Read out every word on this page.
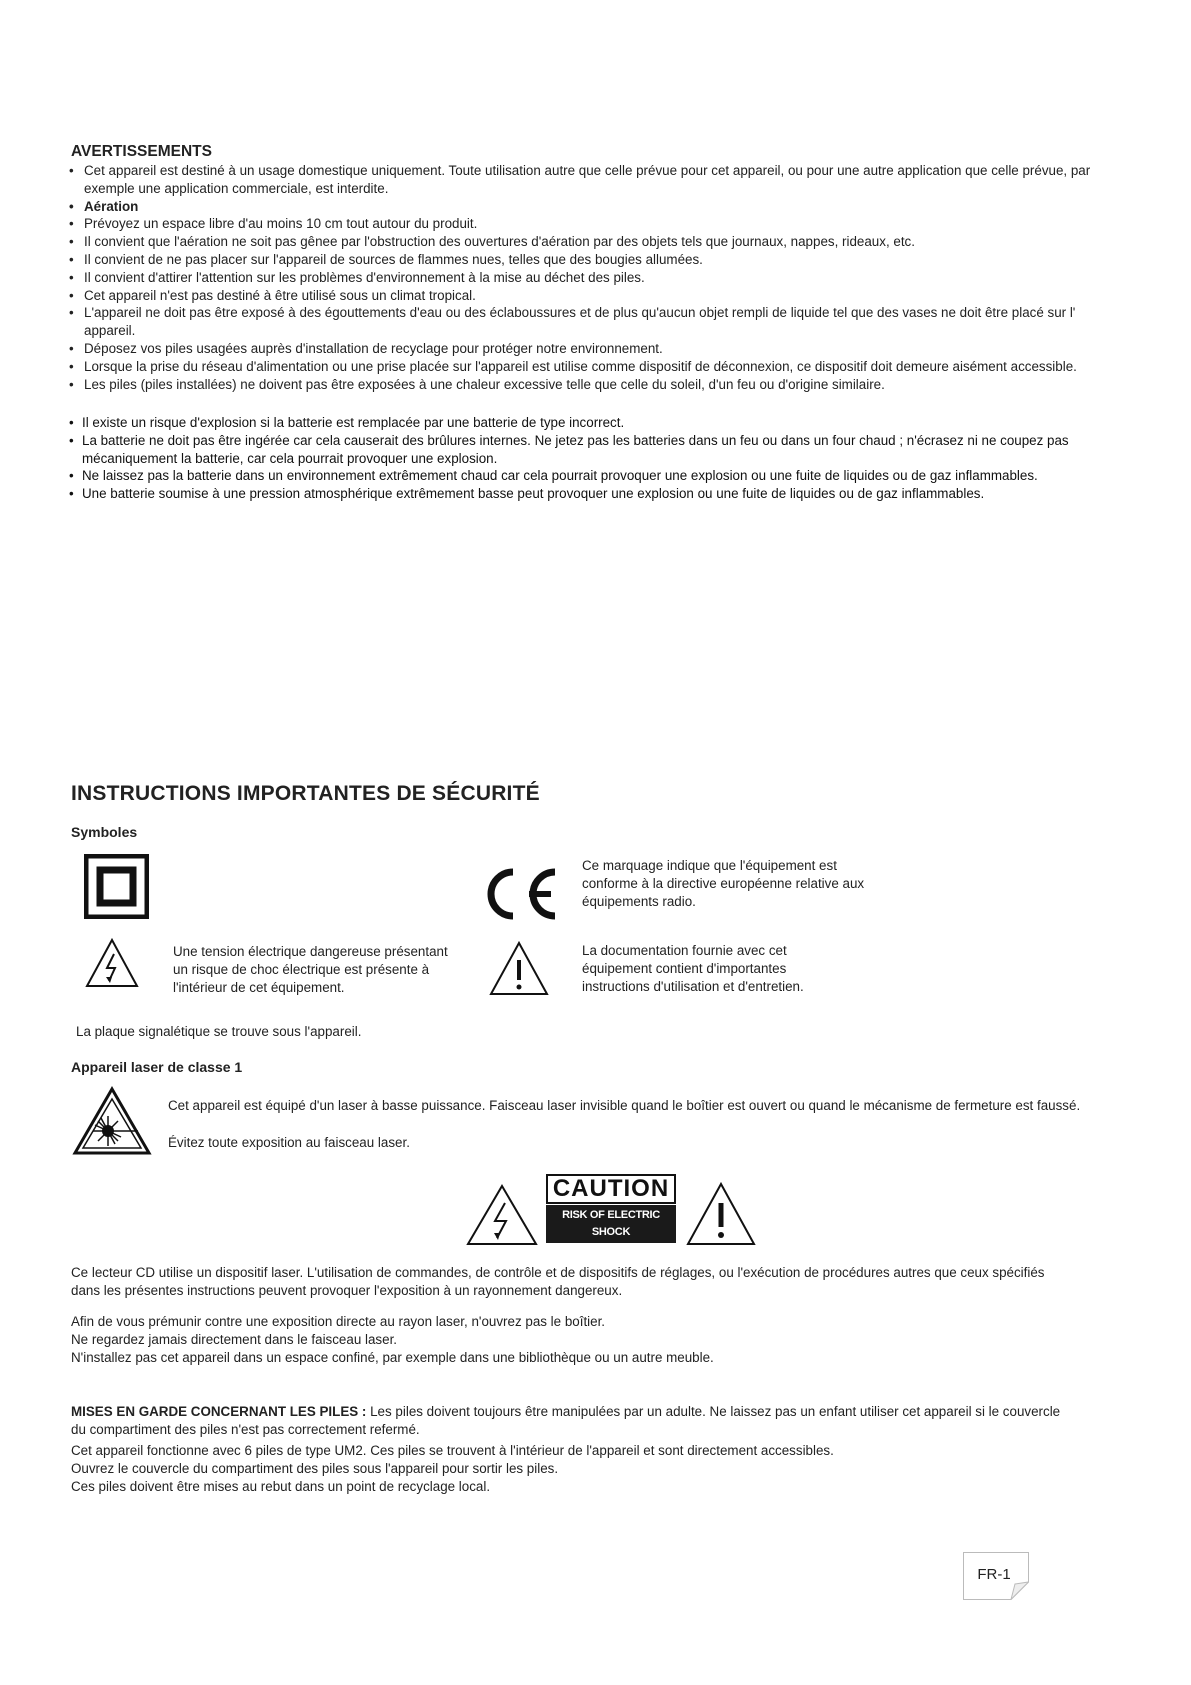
AVERTISSEMENTS
• Cet appareil est destiné à un usage domestique uniquement. Toute utilisation autre que celle prévue pour cet appareil, ou pour une autre application que celle prévue, par exemple une application commerciale, est interdite.
• Aération
• Prévoyez un espace libre d'au moins 10 cm tout autour du produit.
• Il convient que l'aération ne soit pas gênee par l'obstruction des ouvertures d'aération par des objets tels que journaux, nappes, rideaux, etc.
• Il convient de ne pas placer sur l'appareil de sources de flammes nues, telles que des bougies allumées.
• Il convient d'attirer l'attention sur les problèmes d'environnement à la mise au déchet des piles.
• Cet appareil n'est pas destiné à être utilisé sous un climat tropical.
• L'appareil ne doit pas être exposé à des égouttements d'eau ou des éclaboussures et de plus qu'aucun objet rempli de liquide tel que des vases ne doit être placé sur l' appareil.
• Déposez vos piles usagées auprès d'installation de recyclage pour protéger notre environnement.
• Lorsque la prise du réseau d'alimentation ou une prise placée sur l'appareil est utilise comme dispositif de déconnexion, ce dispositif doit demeure aisément accessible.
• Les piles (piles installées) ne doivent pas être exposées à une chaleur excessive telle que celle du soleil, d'un feu ou d'origine similaire.
• Il existe un risque d'explosion si la batterie est remplacée par une batterie de type incorrect.
• La batterie ne doit pas être ingérée car cela causerait des brûlures internes. Ne jetez pas les batteries dans un feu ou dans un four chaud ; n'écrasez ni ne coupez pas mécaniquement la batterie, car cela pourrait provoquer une explosion.
• Ne laissez pas la batterie dans un environnement extrêmement chaud car cela pourrait provoquer une explosion ou une fuite de liquides ou de gaz inflammables.
• Une batterie soumise à une pression atmosphérique extrêmement basse peut provoquer une explosion ou une fuite de liquides ou de gaz inflammables.
INSTRUCTIONS IMPORTANTES DE SÉCURITÉ
Symboles
Ce marquage indique que l'équipement est conforme à la directive européenne relative aux équipements radio.
Une tension électrique dangereuse présentant un risque de choc électrique est présente à l'intérieur de cet équipement.
La documentation fournie avec cet équipement contient d'importantes instructions d'utilisation et d'entretien.
La plaque signalétique se trouve sous l'appareil.
Appareil laser de classe 1
Cet appareil est équipé d'un laser à basse puissance. Faisceau laser invisible quand le boîtier est ouvert ou quand le mécanisme de fermeture est faussé.
Évitez toute exposition au faisceau laser.
CAUTION
RISK OF ELECTRIC SHOCK
DO NOT OPEN
Ce lecteur CD utilise un dispositif laser. L'utilisation de commandes, de contrôle et de dispositifs de réglages, ou l'exécution de procédures autres que ceux spécifiés dans les présentes instructions peuvent provoquer l'exposition à un rayonnement dangereux.
Afin de vous prémunir contre une exposition directe au rayon laser, n'ouvrez pas le boîtier.
Ne regardez jamais directement dans le faisceau laser.
N'installez pas cet appareil dans un espace confiné, par exemple dans une bibliothèque ou un autre meuble.
MISES EN GARDE CONCERNANT LES PILES : Les piles doivent toujours être manipulées par un adulte. Ne laissez pas un enfant utiliser cet appareil si le couvercle du compartiment des piles n'est pas correctement refermé.
Cet appareil fonctionne avec 6 piles de type UM2. Ces piles se trouvent à l'intérieur de l'appareil et sont directement accessibles.
Ouvrez le couvercle du compartiment des piles sous l'appareil pour sortir les piles.
Ces piles doivent être mises au rebut dans un point de recyclage local.
FR-1
